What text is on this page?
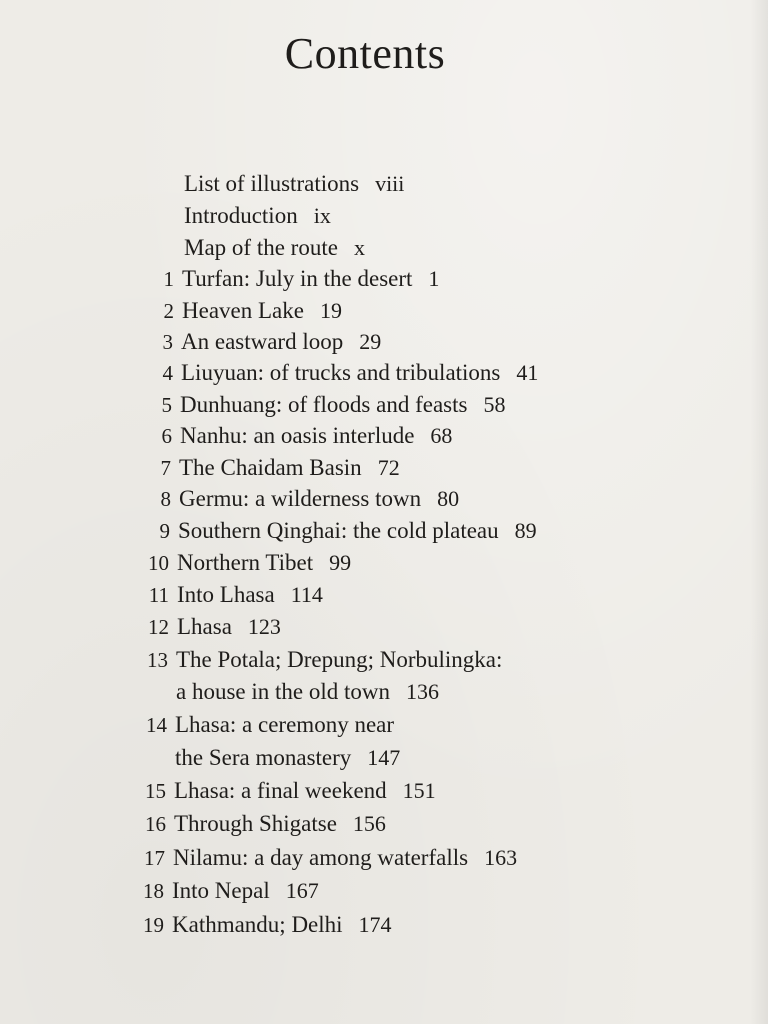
Contents
List of illustrations viii
Introduction ix
Map of the route x
1 Turfan: July in the desert 1
2 Heaven Lake 19
3 An eastward loop 29
4 Liuyuan: of trucks and tribulations 41
5 Dunhuang: of floods and feasts 58
6 Nanhu: an oasis interlude 68
7 The Chaidam Basin 72
8 Germu: a wilderness town 80
9 Southern Qinghai: the cold plateau 89
10 Northern Tibet 99
11 Into Lhasa 114
12 Lhasa 123
13 The Potala; Drepung; Norbulingka:
a house in the old town 136
14 Lhasa: a ceremony near
the Sera monastery 147
15 Lhasa: a final weekend 151
16 Through Shigatse 156
17 Nilamu: a day among waterfalls 163
18 Into Nepal 167
19 Kathmandu; Delhi 174
